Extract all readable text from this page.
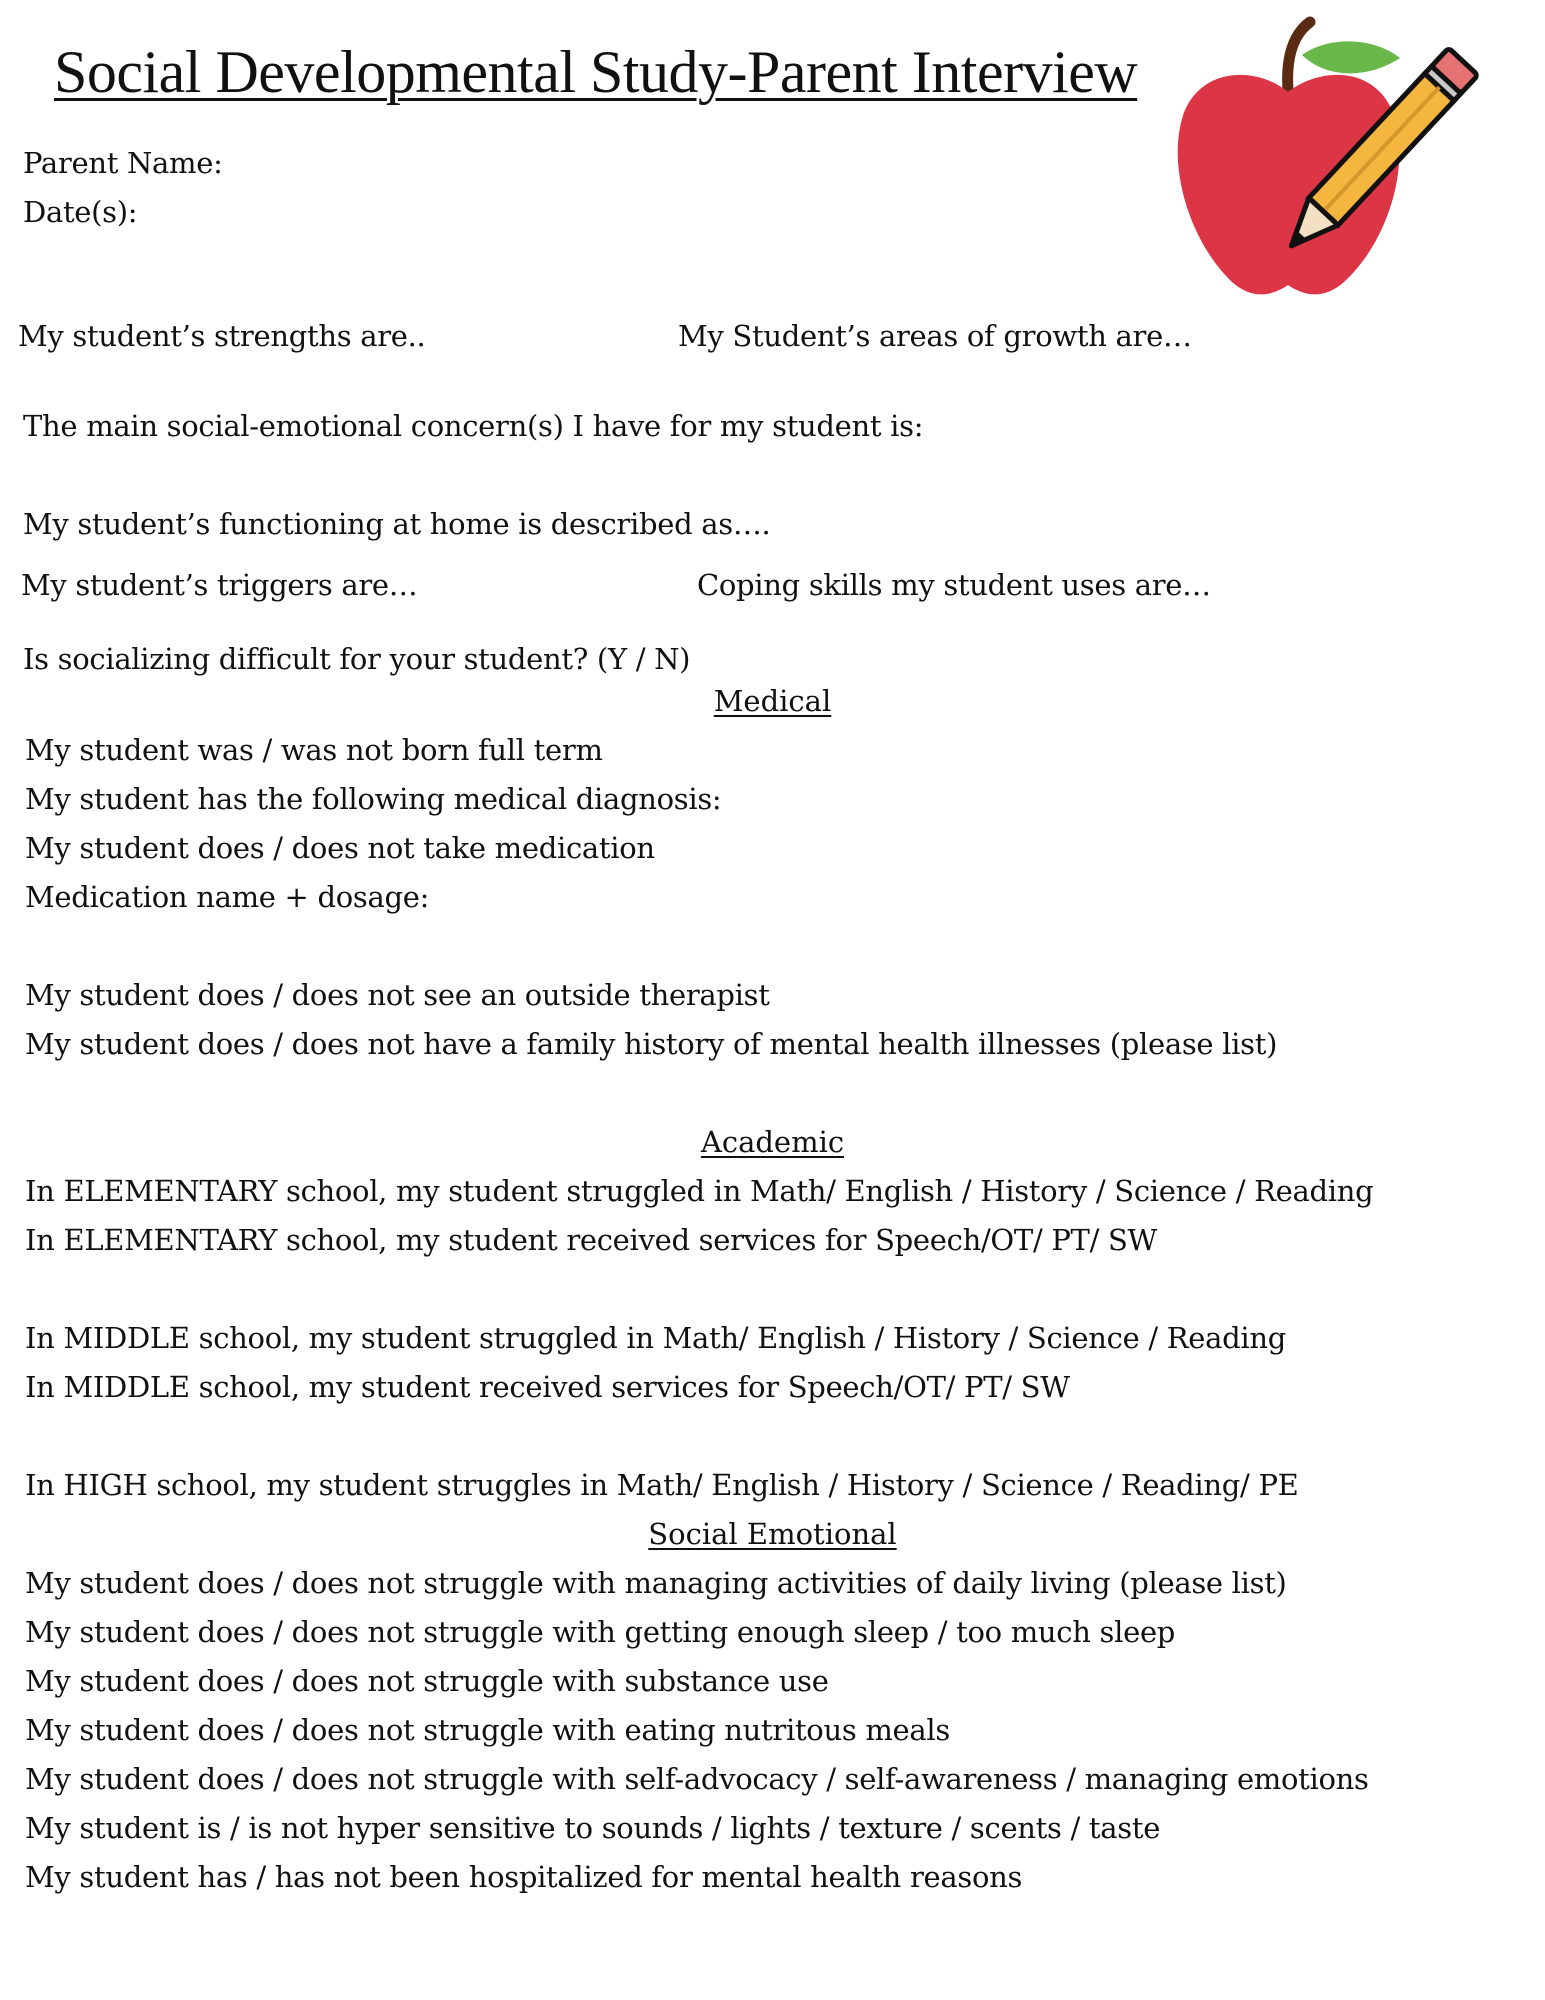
Social Developmental Study-Parent Interview
Parent Name:
Date(s):
My student’s strengths are..	My Student’s areas of growth are…
The main social-emotional concern(s) I have for my student is:
My student’s functioning at home is described as….
My student’s triggers are…	Coping skills my student uses are…
Is socializing difficult for your student? (Y / N)
Medical
My student was / was not born full term
My student has the following medical diagnosis:
My student does / does not take medication
Medication name + dosage:
My student does / does not see an outside therapist
My student does / does not have a family history of mental health illnesses (please list)
Academic
In ELEMENTARY school, my student struggled in Math/ English / History / Science / Reading
In ELEMENTARY school, my student received services for Speech/OT/ PT/ SW
In MIDDLE school, my student struggled in Math/ English / History / Science / Reading
In MIDDLE school, my student received services for Speech/OT/ PT/ SW
In HIGH school, my student struggles in Math/ English / History / Science / Reading/ PE
Social Emotional
My student does / does not struggle with managing activities of daily living (please list)
My student does / does not struggle with getting enough sleep / too much sleep
My student does / does not struggle with substance use
My student does / does not struggle with eating nutritous meals
My student does / does not struggle with self-advocacy / self-awareness / managing emotions
My student is / is not hyper sensitive to sounds / lights / texture / scents / taste
My student has / has not been hospitalized for mental health reasons
